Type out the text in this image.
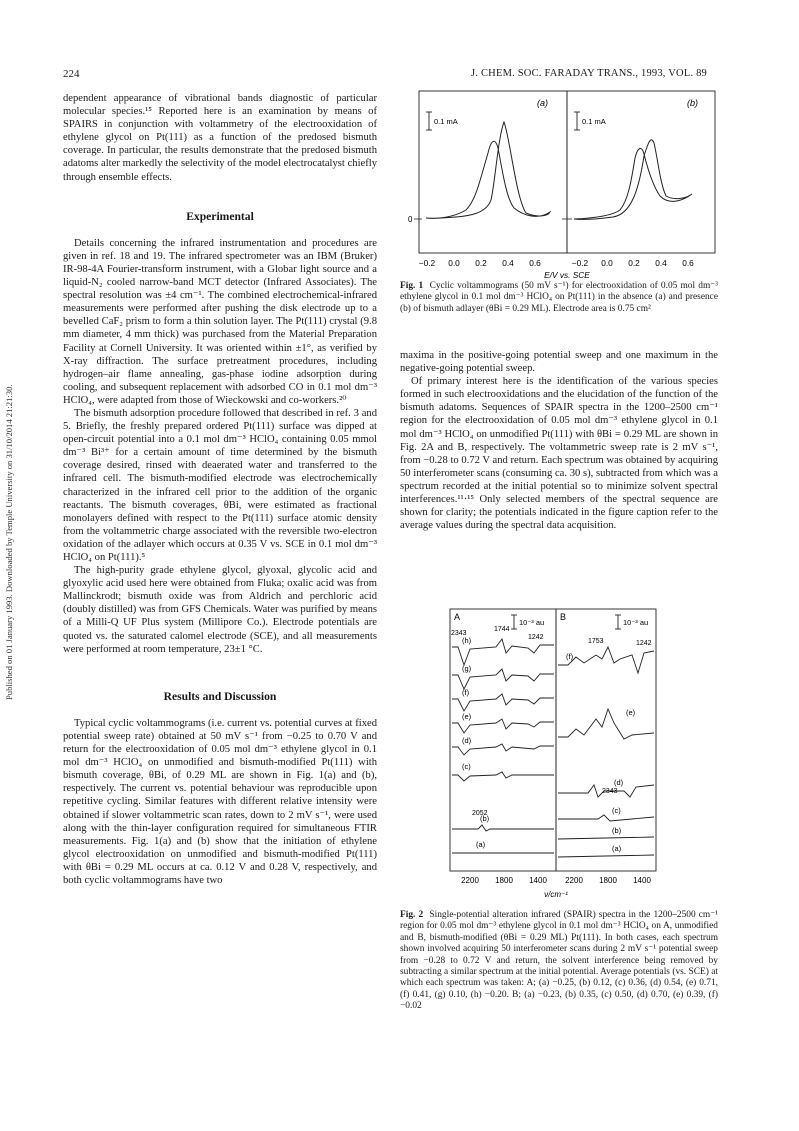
Published on 01 January 1993. Downloaded by Temple University on 31/10/2014 21:21:30.
224	J. CHEM. SOC. FARADAY TRANS., 1993, VOL. 89

dependent appearance of vibrational bands diagnostic of particular molecular species.¹⁵ Reported here is an examination by means of SPAIRS in conjunction with voltammetry of the electrooxidation of ethylene glycol on Pt(111) as a function of the predosed bismuth coverage. In particular, the results demonstrate that the predosed bismuth adatoms alter markedly the selectivity of the model electrocatalyst chiefly through ensemble effects.

Experimental

Details concerning the infrared instrumentation and procedures are given in ref. 18 and 19. The infrared spectrometer was an IBM (Bruker) IR-98-4A Fourier-transform instrument, with a Globar light source and a liquid-N₂ cooled narrow-band MCT detector (Infrared Associates). The spectral resolution was ±4 cm⁻¹. The combined electrochemical-infrared measurements were performed after pushing the disk electrode up to a bevelled CaF₂ prism to form a thin solution layer. The Pt(111) crystal (9.8 mm diameter, 4 mm thick) was purchased from the Material Preparation Facility at Cornell University. It was oriented within ±1°, as verified by X-ray diffraction. The surface pretreatment procedures, including hydrogen–air flame annealing, gas-phase iodine adsorption during cooling, and subsequent replacement with adsorbed CO in 0.1 mol dm⁻³ HClO₄, were adapted from those of Wieckowski and co-workers.²⁰

The bismuth adsorption procedure followed that described in ref. 3 and 5. Briefly, the freshly prepared ordered Pt(111) surface was dipped at open-circuit potential into a 0.1 mol dm⁻³ HClO₄ containing 0.05 mmol dm⁻³ Bi³⁺ for a certain amount of time determined by the bismuth coverage desired, rinsed with deaerated water and transferred to the infrared cell. The bismuth-modified electrode was electrochemically characterized in the infrared cell prior to the addition of the organic reactants. The bismuth coverages, θBi, were estimated as fractional monolayers defined with respect to the Pt(111) surface atomic density from the voltammetric charge associated with the reversible two-electron oxidation of the adlayer which occurs at 0.35 V vs. SCE in 0.1 mol dm⁻³ HClO₄ on Pt(111).⁵

The high-purity grade ethylene glycol, glyoxal, glycolic acid and glyoxylic acid used here were obtained from Fluka; oxalic acid was from Mallinckrodt; bismuth oxide was from Aldrich and perchloric acid (doubly distilled) was from GFS Chemicals. Water was purified by means of a Milli-Q UF Plus system (Millipore Co.). Electrode potentials are quoted vs. the saturated calomel electrode (SCE), and all measurements were performed at room temperature, 23±1 °C.

Results and Discussion

Typical cyclic voltammograms (i.e. current vs. potential curves at fixed potential sweep rate) obtained at 50 mV s⁻¹ from −0.25 to 0.70 V and return for the electrooxidation of 0.05 mol dm⁻³ ethylene glycol in 0.1 mol dm⁻³ HClO₄ on unmodified and bismuth-modified Pt(111) with bismuth coverage, θBi, of 0.29 ML are shown in Fig. 1(a) and (b), respectively. The current vs. potential behaviour was reproducible upon repetitive cycling. Similar features with different relative intensity were obtained if slower voltammetric scan rates, down to 2 mV s⁻¹, were used along with the thin-layer configuration required for simultaneous FTIR measurements. Fig. 1(a) and (b) show that the initiation of ethylene glycol electrooxidation on unmodified and bismuth-modified Pt(111) with θBi = 0.29 ML occurs at ca. 0.12 V and 0.28 V, respectively, and both cyclic voltammograms have two

(a)	(b)
0.1 mA	0.1 mA
0
−0.2 0.0 0.2 0.4 0.6	−0.2 0.0 0.2 0.4 0.6
E/V vs. SCE
Fig. 1 Cyclic voltammograms (50 mV s⁻¹) for electrooxidation of 0.05 mol dm⁻³ ethylene glycol in 0.1 mol dm⁻³ HClO₄ on Pt(111) in the absence (a) and presence (b) of bismuth adlayer (θBi = 0.29 ML). Electrode area is 0.75 cm²

maxima in the positive-going potential sweep and one maximum in the negative-going potential sweep.

Of primary interest here is the identification of the various species formed in such electrooxidations and the elucidation of the function of the bismuth adatoms. Sequences of SPAIR spectra in the 1200–2500 cm⁻¹ region for the electrooxidation of 0.05 mol dm⁻³ ethylene glycol in 0.1 mol dm⁻³ HClO₄ on unmodified Pt(111) with θBi = 0.29 ML are shown in Fig. 2A and B, respectively. The voltammetric sweep rate is 2 mV s⁻¹, from −0.28 to 0.72 V and return. Each spectrum was obtained by acquiring 50 interferometer scans (consuming ca. 30 s), subtracted from which was a spectrum recorded at the initial potential so to minimize solvent spectral interferences.¹¹·¹⁵ Only selected members of the spectral sequence are shown for clarity; the potentials indicated in the figure caption refer to the average values during the spectral data acquisition.

A	B
10⁻³ au	10⁻³ au
(h)
(g)
(f)
(e)
(d)
(c)
(b)
(a)
2343
1744
1242
2052
(f)
(e)
(d)
(c)
(b)
(a)
1753	1242
2343
2200 1800 1400 2200 1800 1400
ν/cm⁻¹
Fig. 2 Single-potential alteration infrared (SPAIR) spectra in the 1200–2500 cm⁻¹ region for 0.05 mol dm⁻³ ethylene glycol in 0.1 mol dm⁻³ HClO₄ on A, unmodified and B, bismuth-modified (θBi = 0.29 ML) Pt(111). In both cases, each spectrum shown involved acquiring 50 interferometer scans during 2 mV s⁻¹ potential sweep from −0.28 to 0.72 V and return, the solvent interference being removed by subtracting a similar spectrum at the initial potential. Average potentials (vs. SCE) at which each spectrum was taken: A; (a) −0.25, (b) 0.12, (c) 0.36, (d) 0.54, (e) 0.71, (f) 0.41, (g) 0.10, (h) −0.20. B; (a) −0.23, (b) 0.35, (c) 0.50, (d) 0.70, (e) 0.39, (f) −0.02
